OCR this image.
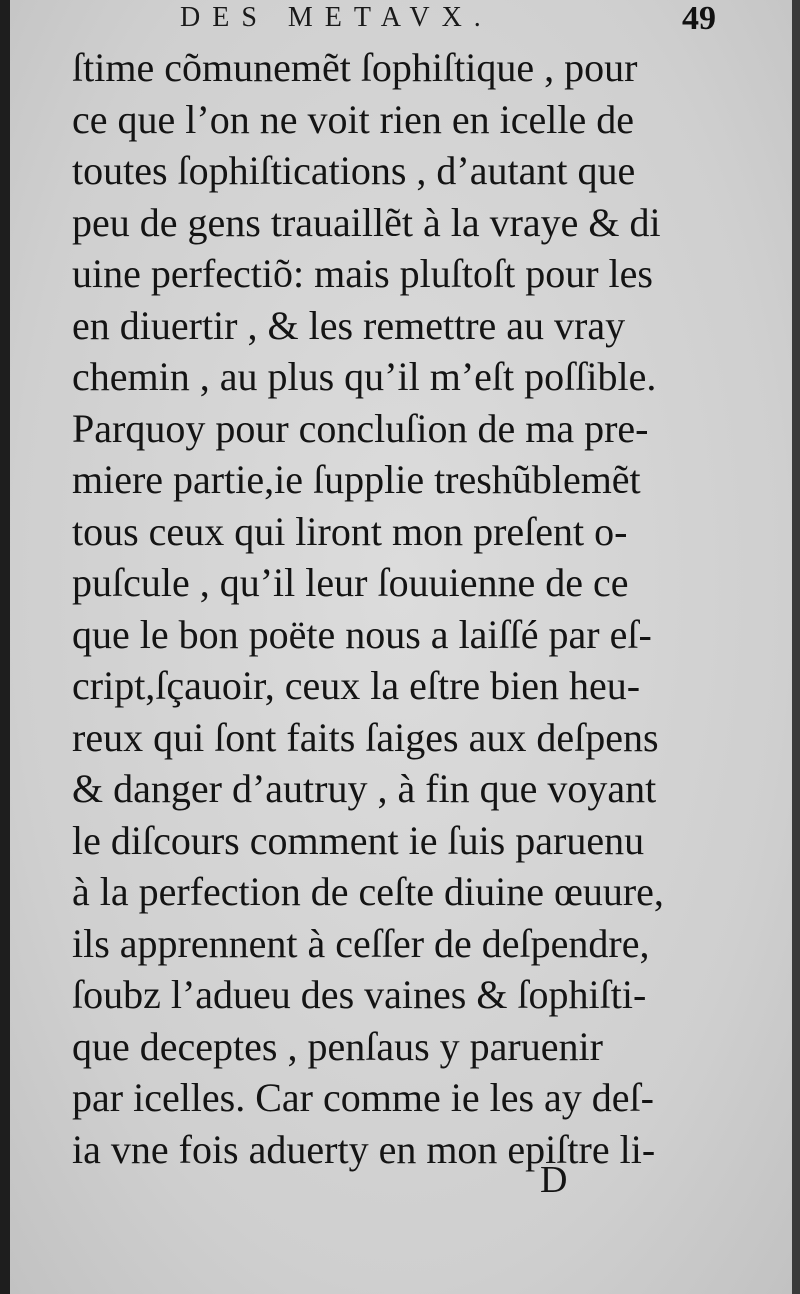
DES METAVX.	49
ſtime cõmunemẽt ſophiſtique , pour
ce que l’on ne voit rien en icelle de
toutes ſophiſtications , d’autant que
peu de gens trauaillẽt à la vraye & di
uine perfectiõ: mais pluſtoſt pour les
en diuertir , & les remettre au vray
chemin , au plus qu’il m’eſt poſſible.
Parquoy pour concluſion de ma pre-
miere partie,ie ſupplie treshũblemẽt
tous ceux qui liront mon preſent o-
puſcule , qu’il leur ſouuienne de ce
que le bon poëte nous a laiſſé par eſ-
cript,ſçauoir, ceux la eſtre bien heu-
reux qui ſont faits ſaiges aux deſpens
& danger d’autruy , à fin que voyant
le diſcours comment ie ſuis paruenu
à la perfection de ceſte diuine œuure,
ils apprennent à ceſſer de deſpendre,
ſoubz l’adueu des vaines & ſophiſti-
que deceptes , penſaus y paruenir
par icelles. Car comme ie les ay deſ-
ia vne fois aduerty en mon epiſtre li-
D
